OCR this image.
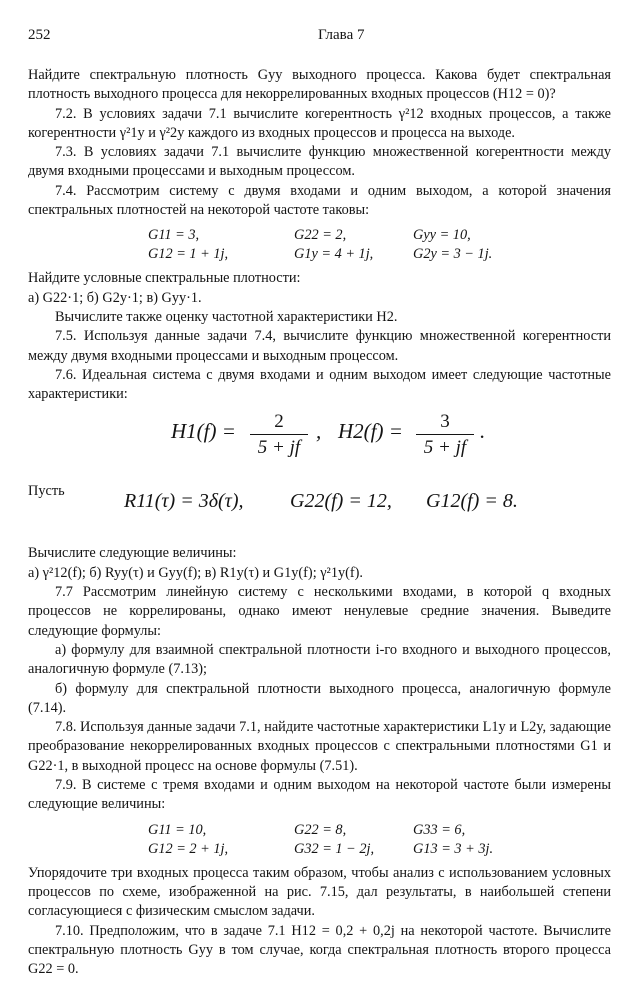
252	Глава 7

Найдите спектральную плотность Gyy выходного процесса. Какова будет спектральная плотность выходного процесса для некоррелированных входных процессов (H12 = 0)?

7.2. В условиях задачи 7.1 вычислите когерентность γ²12 входных процессов, а также когерентности γ²1y и γ²2y каждого из входных процессов и процесса на выходе.

7.3. В условиях задачи 7.1 вычислите функцию множественной когерентности между двумя входными процессами и выходным процессом.

7.4. Рассмотрим систему с двумя входами и одним выходом, а которой значения спектральных плотностей на некоторой частоте таковы:

G11 = 3,	G22 = 2,	Gyy = 10,
G12 = 1 + 1j,	G1y = 4 + 1j,	G2y = 3 − 1j.

Найдите условные спектральные плотности:

а) G22·1; б) G2y·1; в) Gyy·1.

Вычислите также оценку частотной характеристики H2.

7.5. Используя данные задачи 7.4, вычислите функцию множественной когерентности между двумя входными процессами и выходным процессом.

7.6. Идеальная система с двумя входами и одним выходом имеет следующие частотные характеристики:

H1(f) =	2
5 + jf
, H2(f) =	3
5 + jf
.
Пусть	R11(τ) = 3δ(τ), G22(f) = 12, G12(f) = 8.

Вычислите следующие величины:

а) γ²12(f); б) Ryy(τ) и Gyy(f); в) R1y(τ) и G1y(f); γ²1y(f).

7.7 Рассмотрим линейную систему с несколькими входами, в которой q входных процессов не коррелированы, однако имеют ненулевые средние значения. Выведите следующие формулы:

а) формулу для взаимной спектральной плотности i-го входного и выходного процессов, аналогичную формуле (7.13);

б) формулу для спектральной плотности выходного процесса, аналогичную формуле (7.14).

7.8. Используя данные задачи 7.1, найдите частотные характеристики L1y и L2y, задающие преобразование некоррелированных входных процессов с спектральными плотностями G1 и G22·1, в выходной процесс на основе формулы (7.51).

7.9. В системе с тремя входами и одним выходом на некоторой частоте были измерены следующие величины:

G11 = 10,	G22 = 8,	G33 = 6,
G12 = 2 + 1j,	G32 = 1 − 2j,	G13 = 3 + 3j.

Упорядочите три входных процесса таким образом, чтобы анализ с использованием условных процессов по схеме, изображенной на рис. 7.15, дал результаты, в наибольшей степени согласующиеся с физическим смыслом задачи.

7.10. Предположим, что в задаче 7.1 H12 = 0,2 + 0,2j на некоторой частоте. Вычислите спектральную плотность Gyy в том случае, когда спектральная плотность второго процесса G22 = 0.
